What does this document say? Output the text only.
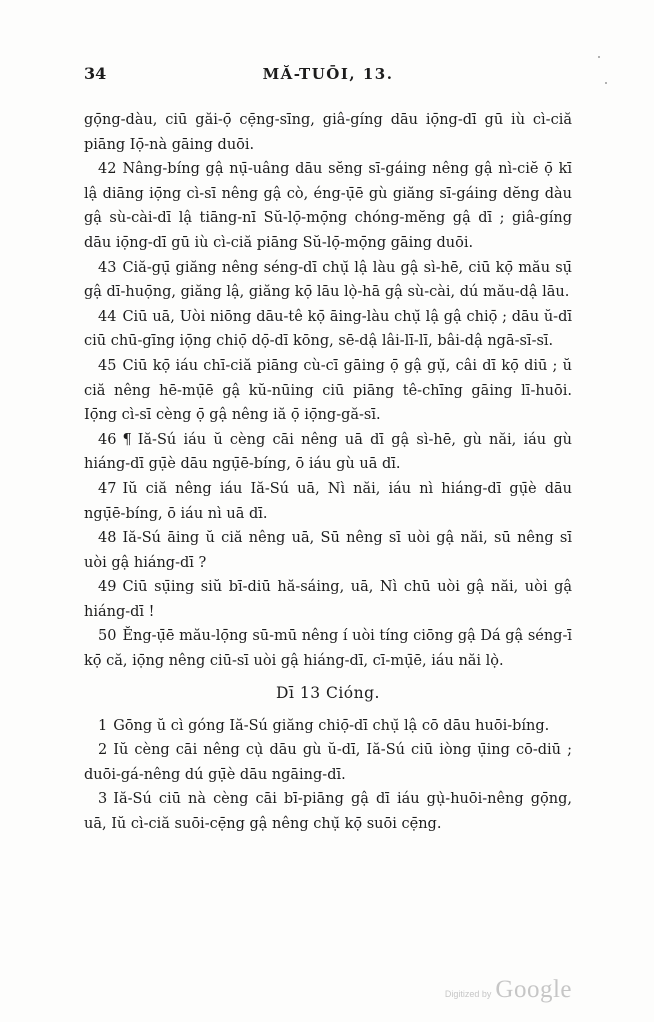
34	MĂ-TUŌI, 13.

gọ̄ng-dàu, ciū găi-ọ̄ cẹ̄ng-sīng, giâ-gíng dāu iọ̄ng-dī gū iù cì-ciă piāng Iọ̄-nà gāing duōi.

42 Nâng-bíng gậ nụ̄-uâng dāu sĕng sī-gáing nêng gậ nì-ciĕ ọ̄ kī lậ diāng iọ̄ng cì-sī nêng gậ cò, éng-ụ̄ē gù giăng sī-gáing dĕng dàu gậ sù-cài-dī lậ tiāng-nī Sŭ-lọ̄-mọ̄ng chóng-mĕng gậ dī ; giâ-gíng dāu iọ̄ng-dī gū iù cì-ciă piāng Sŭ-lọ̄-mọ̄ng gāing duōi.

43 Ciă-gụ̄ giăng nêng séng-dī chụ̆ lậ làu gậ sì-hē, ciū kọ̄ mău sụ̄ gậ dī-huọ̄ng, giăng lậ, giăng kọ̄ lāu lọ̀-hā gậ sù-cài, dú mău-dậ lāu.

44 Ciū uā, Uòi niōng dāu-tê kọ̄ āing-làu chụ̆ lậ gậ chiọ̄ ; dāu ŭ-dī ciū chū-gīng iọ̄ng chiọ̄ dọ̄-dī kōng, sē-dậ lâi-lī-lī, bâi-dậ ngā-sī-sī.

45 Ciū kọ̄ iáu chī-ciă piāng cù-cī gāing ọ̄ gậ gụ̆, câi dī kọ̄ diū ; ŭ ciă nêng hē-mụ̄ē gậ kŭ-nūing ciū piāng tê-chīng gāing lī-huōi. Iọ̄ng cì-sī cèng ọ̄ gậ nêng iă ọ̄ iọ̄ng-gă-sī.

46 ¶ Iă-Sú iáu ŭ cèng cāi nêng uā dī gậ sì-hē, gù năi, iáu gù hiáng-dī gụ̄è dāu ngụ̄ē-bíng, ō iáu gù uā dī.

47 Iŭ ciă nêng iáu Iă-Sú uā, Nì năi, iáu nì hiáng-dī gụ̄è dāu ngụ̄ē-bíng, ō iáu nì uā dī.

48 Iă-Sú āing ŭ ciă nêng uā, Sū nêng sī uòi gậ năi, sū nêng sī uòi gậ hiáng-dī ?

49 Ciū sụ̄ing siŭ bī-diū hă-sáing, uā, Nì chū uòi gậ năi, uòi gậ hiáng-dī !

50 Ĕng-ụ̄ē mău-lọ̄ng sū-mū nêng í uòi tíng ciōng gậ Dá gậ séng-ī kọ̄ că, iọ̄ng nêng ciū-sī uòi gậ hiáng-dī, cī-mụ̄ē, iáu năi lọ̀.

Dī 13 Cióng.

1 Gōng ŭ cì góng Iă-Sú giăng chiọ̄-dī chụ̆ lậ cō dāu huōi-bíng.

2 Iŭ cèng cāi nêng cụ̀ dāu gù ŭ-dī, Iă-Sú ciū iòng ụ̄ing cō-diū ; duōi-gá-nêng dú gụ̄è dāu ngāing-dī.

3 Iă-Sú ciū nà cèng cāi bī-piāng gậ dī iáu gụ̀-huōi-nêng gọ̄ng, uā, Iŭ cì-ciă suōi-cẹ̄ng gậ nêng chụ̆ kọ̄ suōi cẹ̄ng.

Digitized by Google
